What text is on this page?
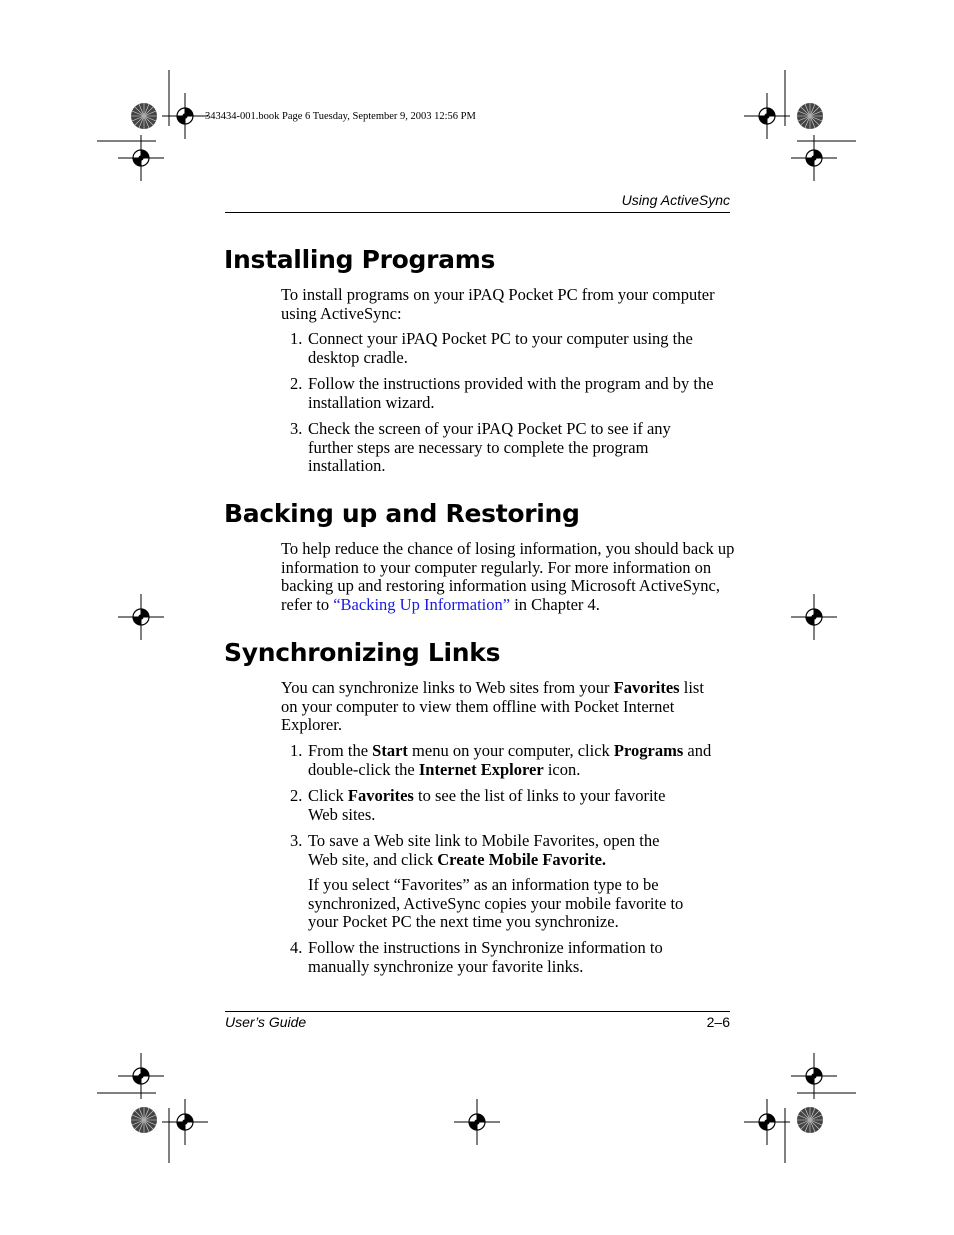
343434-001.book Page 6 Tuesday, September 9, 2003 12:56 PM
Using ActiveSync
Installing Programs

To install programs on your iPAQ Pocket PC from your computer using ActiveSync:

1. Connect your iPAQ Pocket PC to your computer using the desktop cradle.

2. Follow the instructions provided with the program and by the installation wizard.

3. Check the screen of your iPAQ Pocket PC to see if any further steps are necessary to complete the program installation.

Backing up and Restoring

To help reduce the chance of losing information, you should back up information to your computer regularly. For more information on backing up and restoring information using Microsoft ActiveSync, refer to “Backing Up Information” in Chapter 4.

Synchronizing Links

You can synchronize links to Web sites from your Favorites list on your computer to view them offline with Pocket Internet Explorer.

1. From the Start menu on your computer, click Programs and double-click the Internet Explorer icon.

2. Click Favorites to see the list of links to your favorite Web sites.

3. To save a Web site link to Mobile Favorites, open the Web site, and click Create Mobile Favorite.

If you select “Favorites” as an information type to be synchronized, ActiveSync copies your mobile favorite to your Pocket PC the next time you synchronize.

4. Follow the instructions in Synchronize information to manually synchronize your favorite links.

User’s Guide	2–6
